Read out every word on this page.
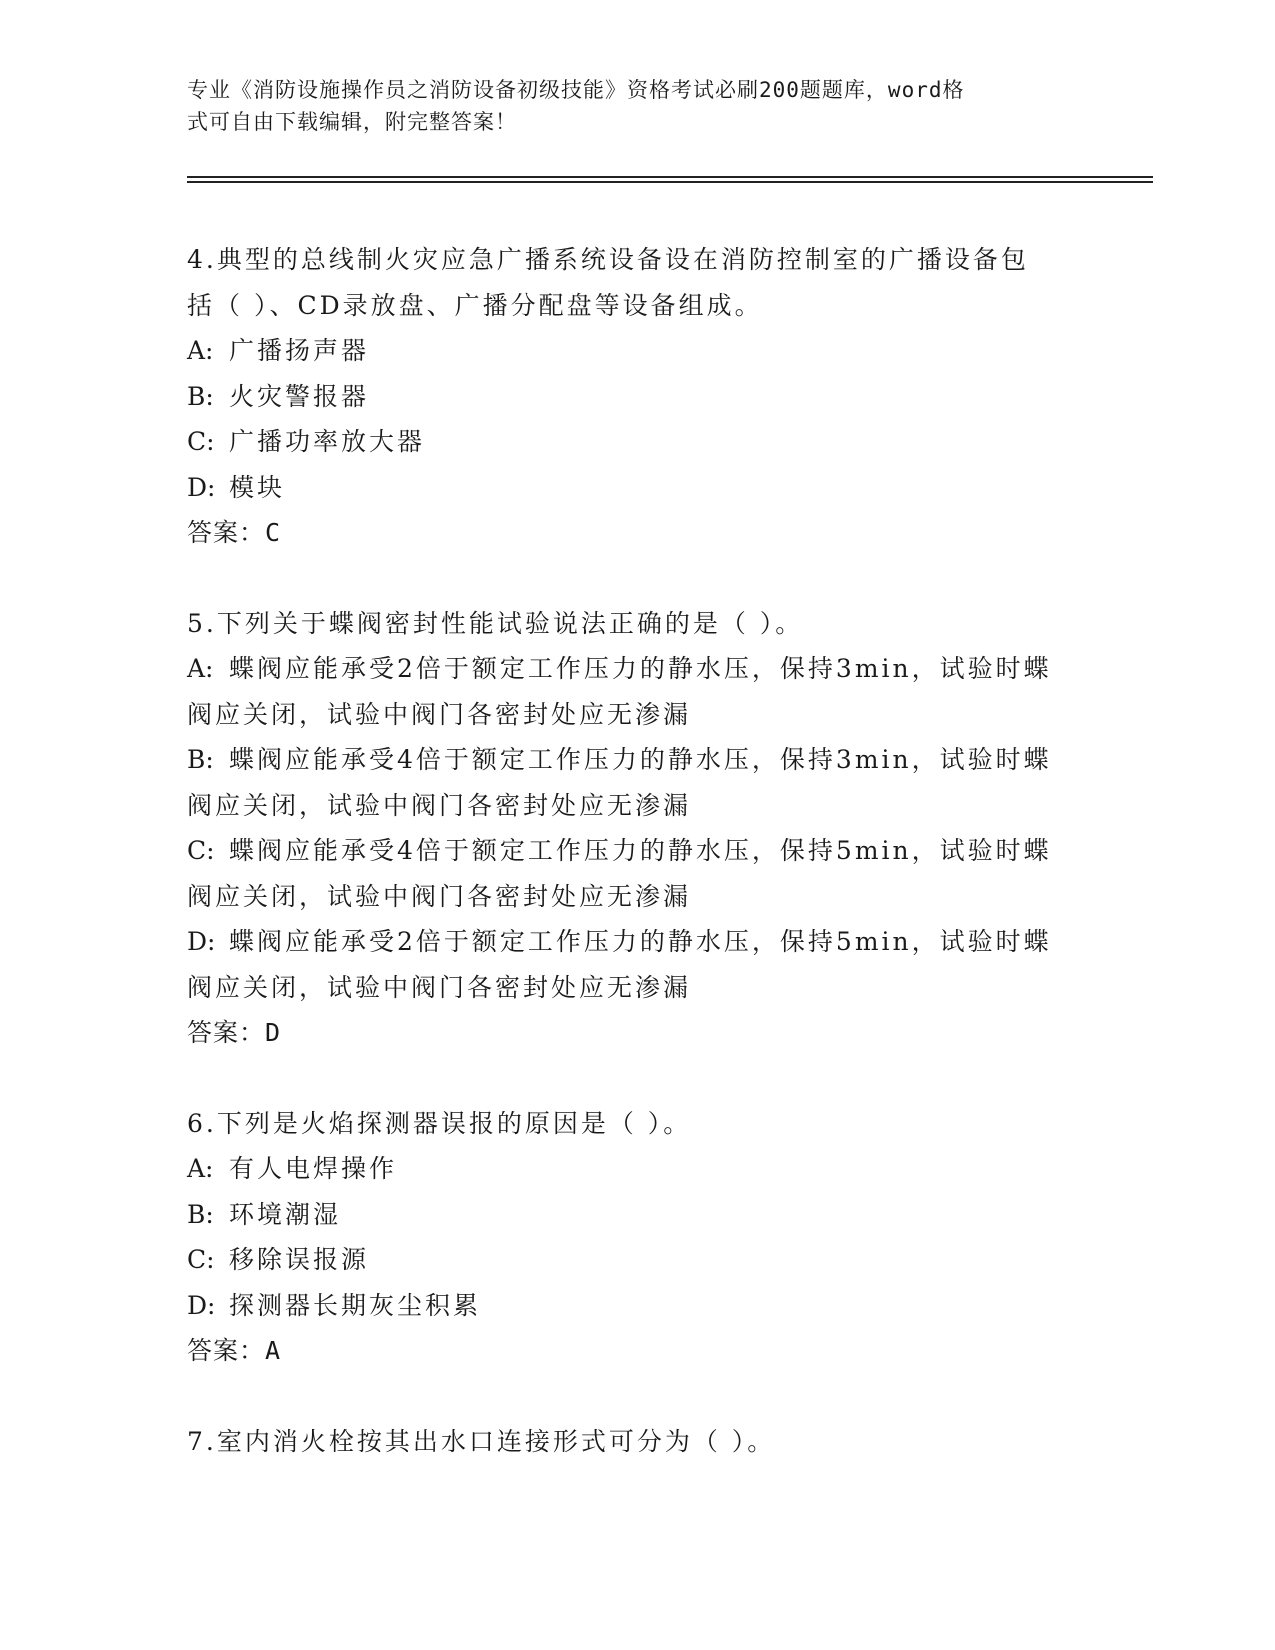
专业《消防设施操作员之消防设备初级技能》资格考试必刷200题题库，word格
式可自由下载编辑，附完整答案！
4.典型的总线制火灾应急广播系统设备设在消防控制室的广播设备包
括（ ）、CD录放盘、广播分配盘等设备组成。
A: 广播扬声器
B: 火灾警报器
C: 广播功率放大器
D: 模块
答案：C
5.下列关于蝶阀密封性能试验说法正确的是（ ）。
A: 蝶阀应能承受2倍于额定工作压力的静水压，保持3min，试验时蝶
阀应关闭，试验中阀门各密封处应无渗漏
B: 蝶阀应能承受4倍于额定工作压力的静水压，保持3min，试验时蝶
阀应关闭，试验中阀门各密封处应无渗漏
C: 蝶阀应能承受4倍于额定工作压力的静水压，保持5min，试验时蝶
阀应关闭，试验中阀门各密封处应无渗漏
D: 蝶阀应能承受2倍于额定工作压力的静水压，保持5min，试验时蝶
阀应关闭，试验中阀门各密封处应无渗漏
答案：D
6.下列是火焰探测器误报的原因是（ ）。
A: 有人电焊操作
B: 环境潮湿
C: 移除误报源
D: 探测器长期灰尘积累
答案：A
7.室内消火栓按其出水口连接形式可分为（ ）。
